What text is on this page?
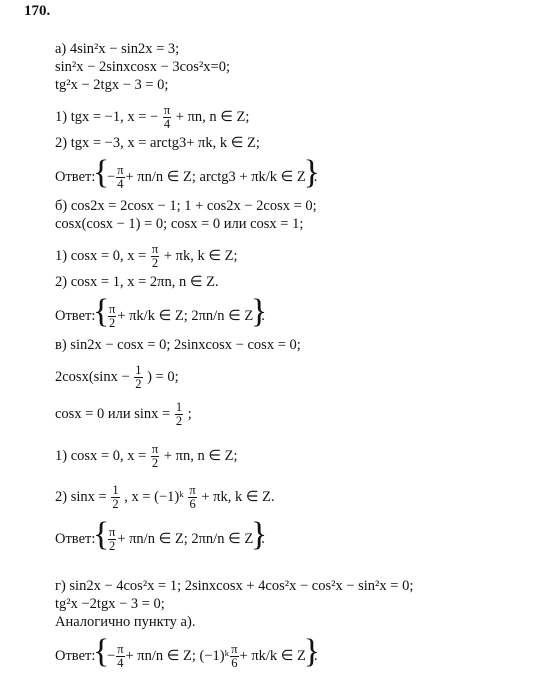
170.
а) 4sin²x − sin2x = 3;
sin²x − 2sinxcosx − 3cos²x=0;
tg²x − 2tgx − 3 = 0;
1) tgx = −1, x = − $\frac{\pi}{4} + \pi n$, n ∈ Z;
2) tgx = −3, x = arctg3+ πk, k ∈ Z;
Ответ: { − $\frac{\pi}{4} + \pi n/n$ ∈ Z; arctg3 + πk/k ∈ Z } .
б) cos2x = 2cosx − 1; 1 + cos2x − 2cosx = 0;
cosx(cosx − 1) = 0; cosx = 0 или cosx = 1;
1) cosx = 0, $x = \frac{\pi}{2} + \pi k$, k ∈ Z;
2) cosx = 1, x = 2πn, n ∈ Z.
Ответ: { $\frac{\pi}{2} + \pi k/k$ ∈ Z; 2πn/n ∈ Z } .
в) sin2x − cosx = 0; 2sinxcosx − cosx = 0;
$2\cos x(\sin x - \frac{1}{2}$ ) = 0;
cosx = 0 или $\sin x = \frac{1}{2}$ ;
1) cosx = 0, $x = \frac{\pi}{2} + \pi n$, n ∈ Z;
2) $\sin x = \frac{1}{2}$ , x = (−1)ᵏ $\frac{\pi}{6} + \pi k$, k ∈ Z.
Ответ: { $\frac{\pi}{2} + \pi n/n$ ∈ Z; 2πn/n ∈ Z } .
г) sin2x − 4cos²x = 1; 2sinxcosx + 4cos²x − cos²x − sin²x = 0;
tg²x −2tgx − 3 = 0;
Аналогично пункту а).
Ответ: { − $\frac{\pi}{4} + \pi n/n$ ∈ Z; (−1)ᵏ $\frac{\pi}{6} + \pi k/k$ ∈ Z } .
